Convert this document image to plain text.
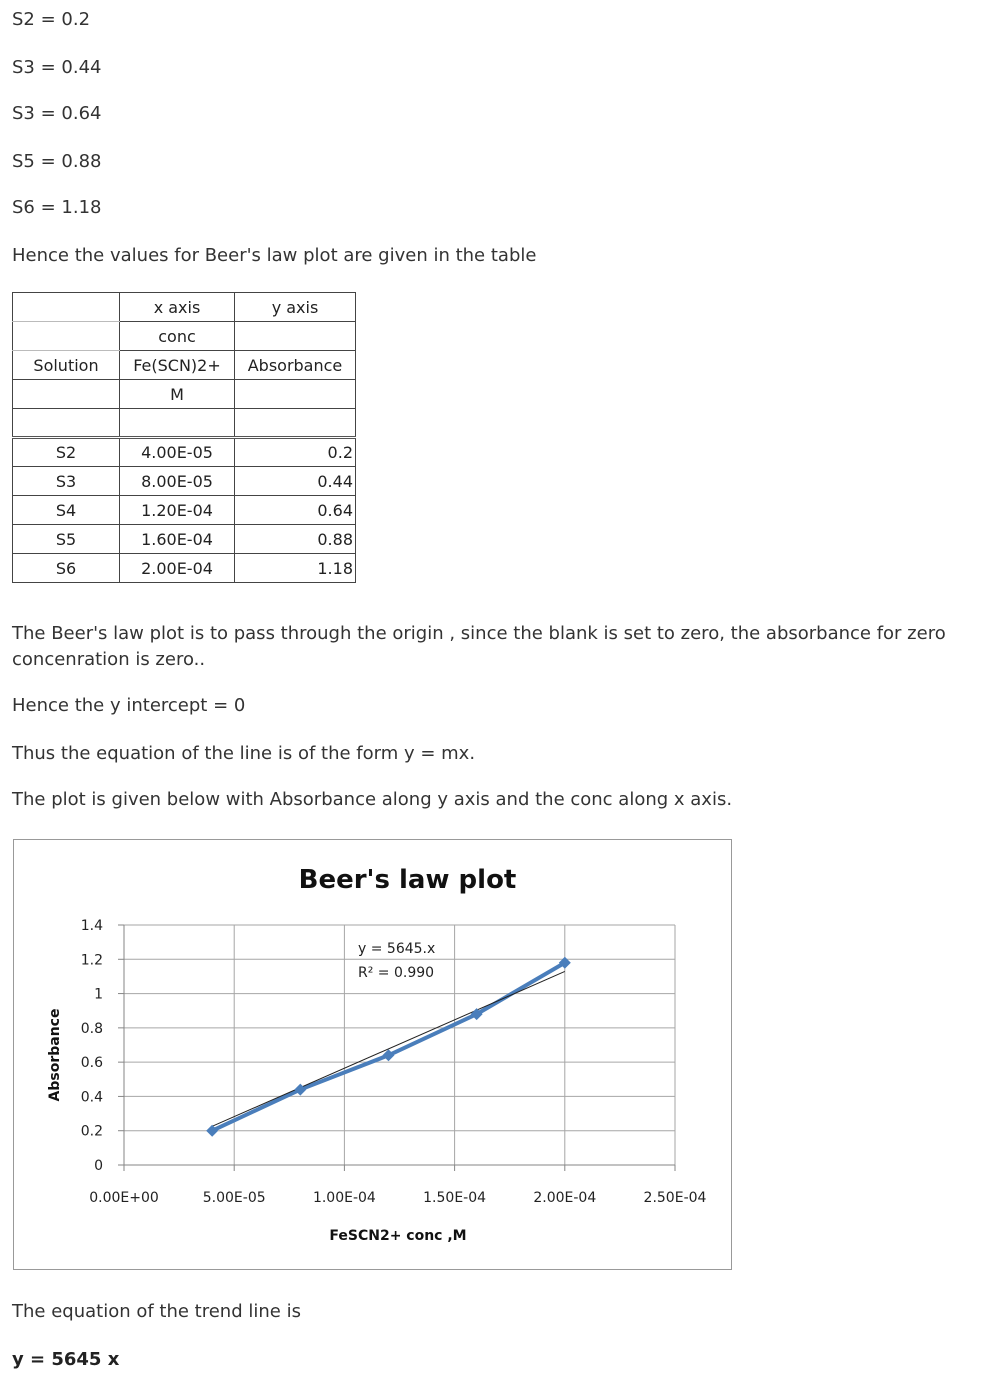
S2 = 0.2

S3 = 0.44

S3 = 0.64

S5 = 0.88

S6 = 1.18

Hence the values for Beer's law plot are given in the table

	x axis	y axis
	conc	
Solution	Fe(SCN)2+	Absorbance
	M	

S2	4.00E-05	0.2
S3	8.00E-05	0.44
S4	1.20E-04	0.64
S5	1.60E-04	0.88
S6	2.00E-04	1.18

The Beer's law plot is to pass through the origin , since the blank is set to zero, the absorbance for zero concenration is zero..

Hence the y intercept = 0

Thus the equation of the line is of the form y = mx.

The plot is given below with Absorbance along y axis and the conc along x axis.

Beer's law plot
0
0.2
0.4
0.6
0.8
1
1.2
1.4
0.00E+00	5.00E-05	1.00E-04	1.50E-04	2.00E-04	2.50E-04
FeSCN2+ conc ,M
Absorbance
y = 5645.x
R² = 0.990

The equation of the trend line is

y = 5645 x
